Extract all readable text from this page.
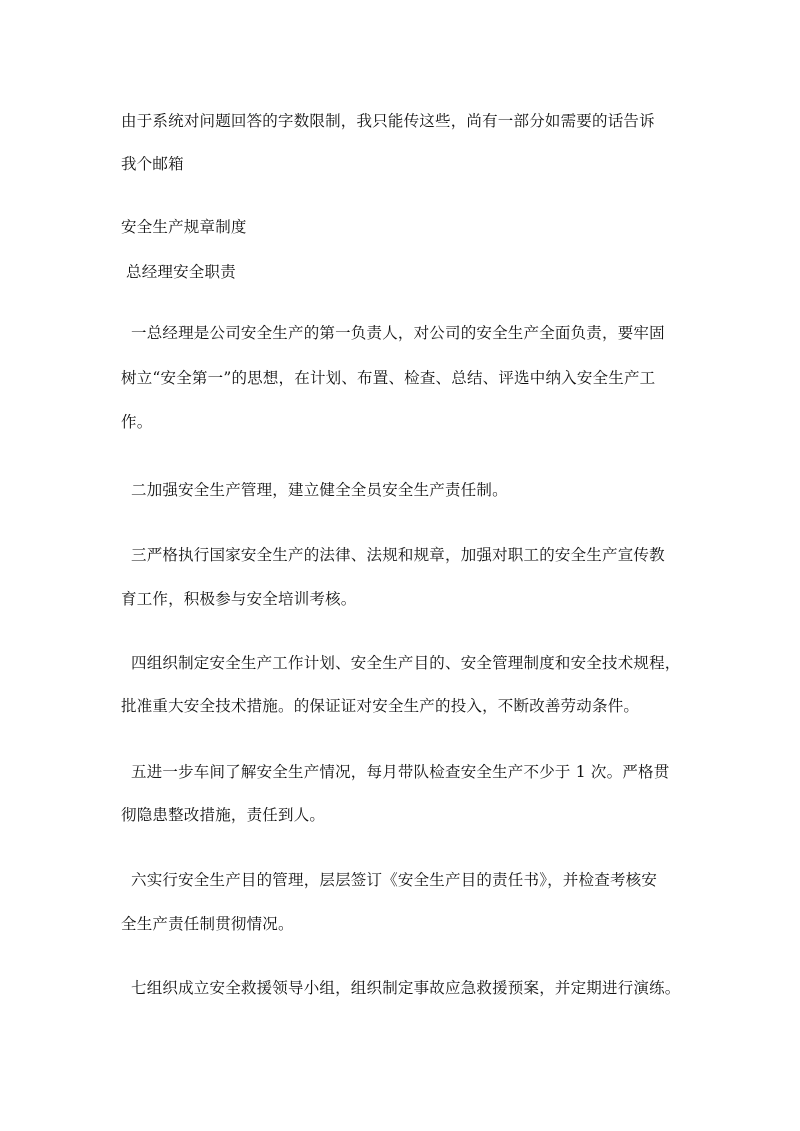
由于系统对问题回答的字数限制，我只能传这些，尚有一部分如需要的话告诉
我个邮箱
安全生产规章制度
总经理安全职责
一总经理是公司安全生产的第一负责人，对公司的安全生产全面负责，要牢固
树立“安全第一”的思想，在计划、布置、检查、总结、评选中纳入安全生产工
作。
二加强安全生产管理，建立健全全员安全生产责任制。
三严格执行国家安全生产的法律、法规和规章，加强对职工的安全生产宣传教
育工作，积极参与安全培训考核。
四组织制定安全生产工作计划、安全生产目的、安全管理制度和安全技术规程，
批准重大安全技术措施。的保证证对安全生产的投入，不断改善劳动条件。
五进一步车间了解安全生产情况，每月带队检查安全生产不少于 1 次。严格贯
彻隐患整改措施，责任到人。
六实行安全生产目的管理，层层签订《安全生产目的责任书》，并检查考核安
全生产责任制贯彻情况。
七组织成立安全救援领导小组，组织制定事故应急救援预案，并定期进行演练。
